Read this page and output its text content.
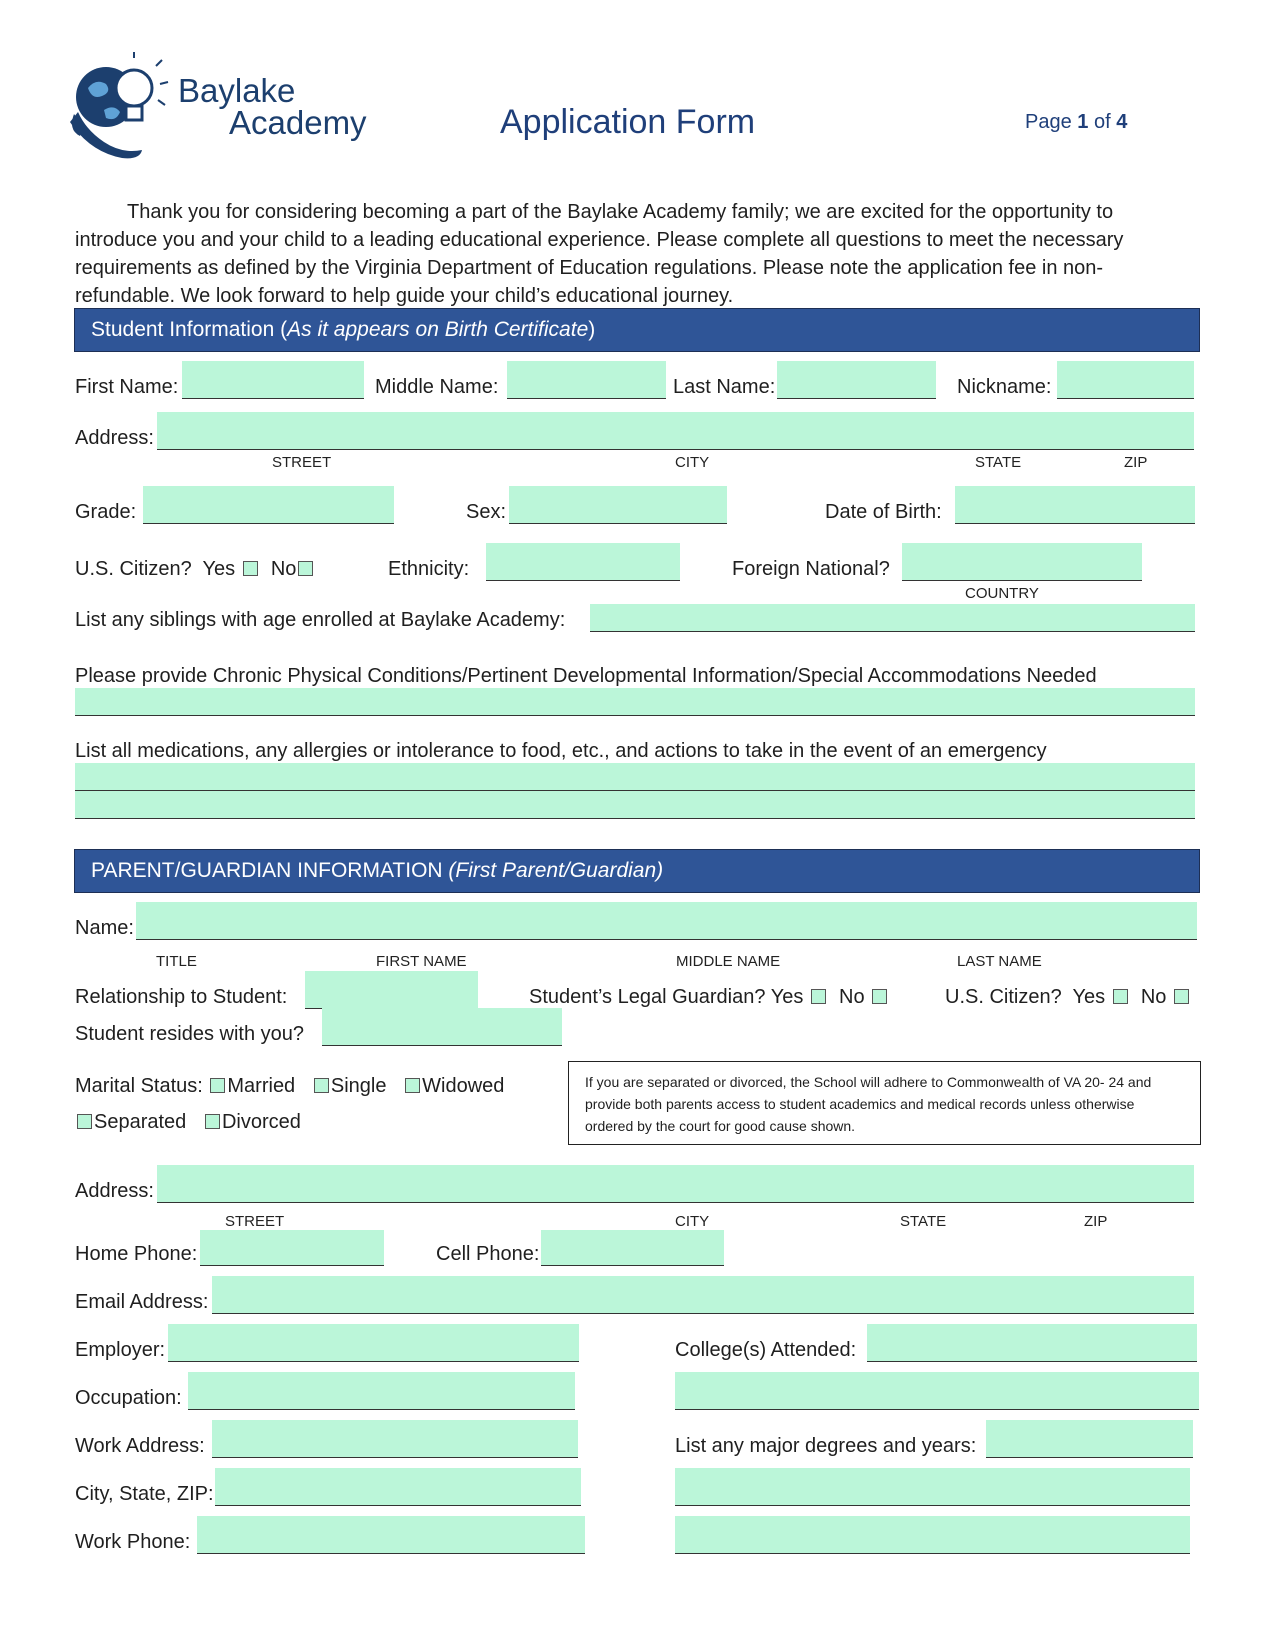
Baylake
Academy	Application Form	Page 1 of 4
Thank you for considering becoming a part of the Baylake Academy family; we are excited for the opportunity to introduce you and your child to a leading educational experience. Please complete all questions to meet the necessary requirements as defined by the Virginia Department of Education regulations. Please note the application fee in non-refundable. We look forward to help guide your child’s educational journey.
Student Information (As it appears on Birth Certificate)
First Name:	Middle Name:	Last Name:	Nickname:
Address:
STREET	CITY	STATE	ZIP
Grade:	Sex:	Date of Birth:
U.S. Citizen? Yes No	Ethnicity:	Foreign National?
COUNTRY
List any siblings with age enrolled at Baylake Academy:
Please provide Chronic Physical Conditions/Pertinent Developmental Information/Special Accommodations Needed
List all medications, any allergies or intolerance to food, etc., and actions to take in the event of an emergency
PARENT/GUARDIAN INFORMATION (First Parent/Guardian)
Name:
TITLE	FIRST NAME	MIDDLE NAME	LAST NAME
Relationship to Student:	Student’s Legal Guardian? Yes No	U.S. Citizen? Yes No
Student resides with you?
Marital Status: Married Single Widowed
Separated Divorced
If you are separated or divorced, the School will adhere to Commonwealth of VA 20- 24 and provide both parents access to student academics and medical records unless otherwise ordered by the court for good cause shown.
Address:
STREET	CITY	STATE	ZIP
Home Phone:	Cell Phone:
Email Address:
Employer:	College(s) Attended:
Occupation:
Work Address:	List any major degrees and years:
City, State, ZIP:
Work Phone:
